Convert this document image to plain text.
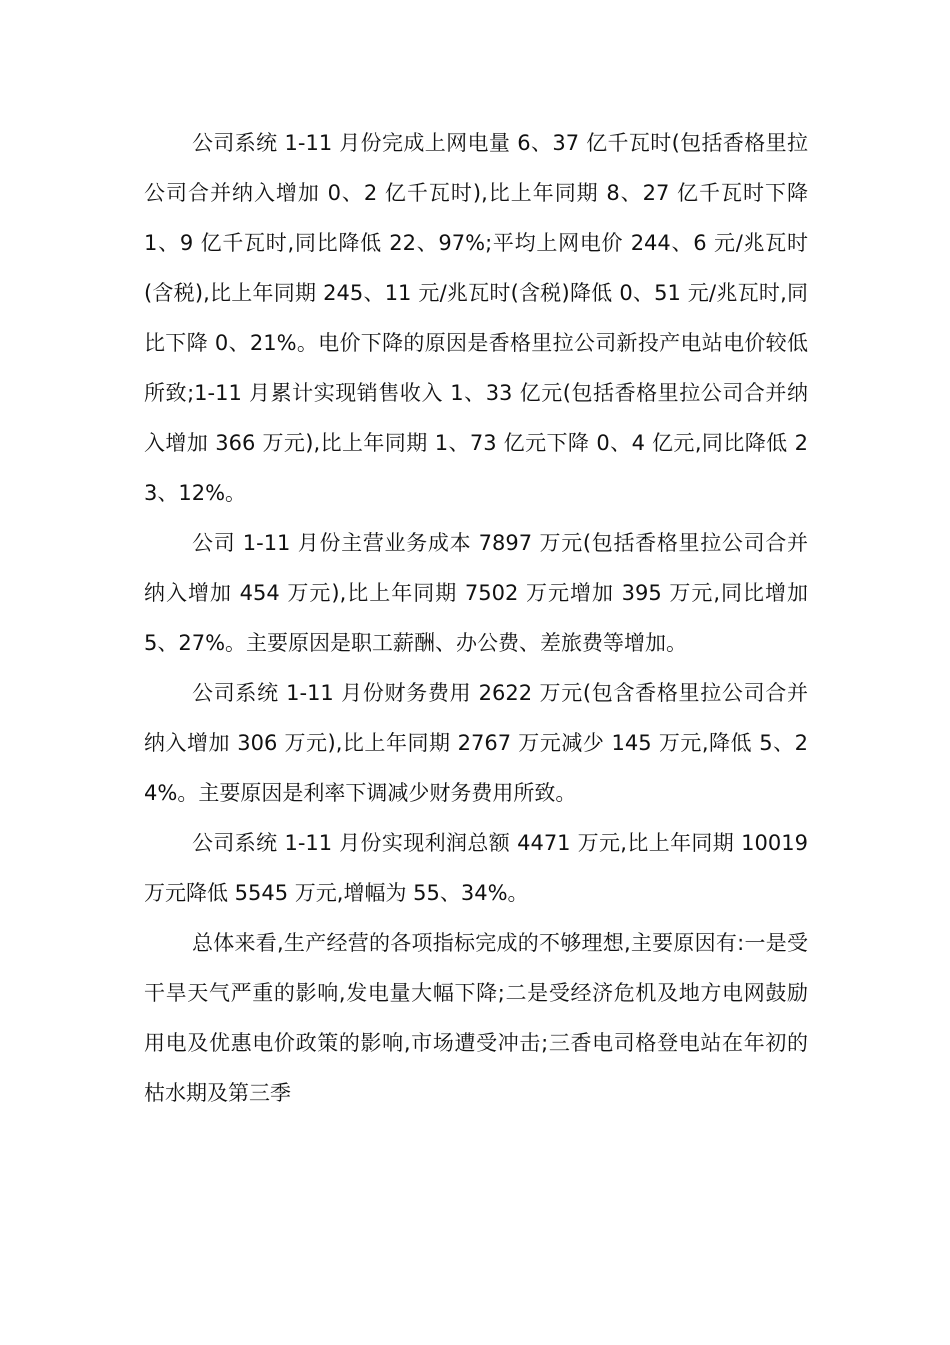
公司系统 1-11 月份完成上网电量 6、37 亿千瓦时(包括香格里拉公司合并纳入增加 0、2 亿千瓦时),比上年同期 8、27 亿千瓦时下降 1、9 亿千瓦时,同比降低 22、97%;平均上网电价 244、6 元/兆瓦时(含税),比上年同期 245、11 元/兆瓦时(含税)降低 0、51 元/兆瓦时,同比下降 0、21%。电价下降的原因是香格里拉公司新投产电站电价较低所致;1-11 月累计实现销售收入 1、33 亿元(包括香格里拉公司合并纳入增加 366 万元),比上年同期 1、73 亿元下降 0、4 亿元,同比降低 23、12%。

公司 1-11 月份主营业务成本 7897 万元(包括香格里拉公司合并纳入增加 454 万元),比上年同期 7502 万元增加 395 万元,同比增加 5、27%。主要原因是职工薪酬、办公费、差旅费等增加。

公司系统 1-11 月份财务费用 2622 万元(包含香格里拉公司合并纳入增加 306 万元),比上年同期 2767 万元减少 145 万元,降低 5、24%。主要原因是利率下调减少财务费用所致。

公司系统 1-11 月份实现利润总额 4471 万元,比上年同期 10019 万元降低 5545 万元,增幅为 55、34%。

总体来看,生产经营的各项指标完成的不够理想,主要原因有:一是受干旱天气严重的影响,发电量大幅下降;二是受经济危机及地方电网鼓励用电及优惠电价政策的影响,市场遭受冲击;三香电司格登电站在年初的枯水期及第三季
